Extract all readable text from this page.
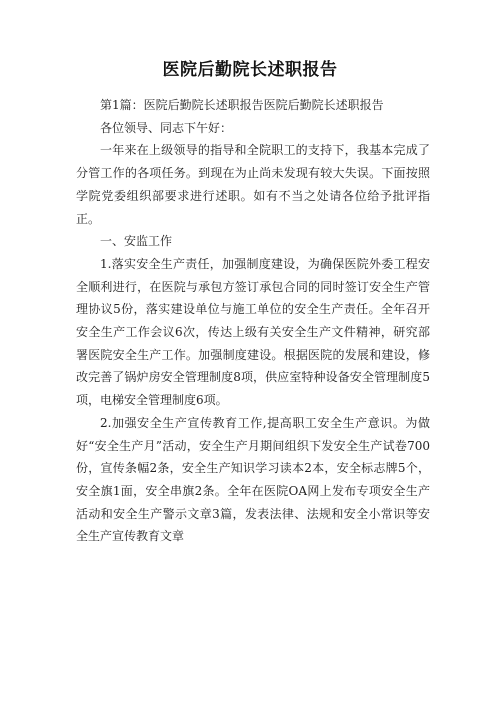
医院后勤院长述职报告

第1篇：医院后勤院长述职报告医院后勤院长述职报告

各位领导、同志下午好：

一年来在上级领导的指导和全院职工的支持下，我基本完成了分管工作的各项任务。到现在为止尚未发现有较大失误。下面按照学院党委组织部要求进行述职。如有不当之处请各位给予批评指正。

一、安监工作

1.落实安全生产责任，加强制度建设，为确保医院外委工程安全顺利进行，在医院与承包方签订承包合同的同时签订安全生产管理协议5份，落实建设单位与施工单位的安全生产责任。全年召开安全生产工作会议6次，传达上级有关安全生产文件精神，研究部署医院安全生产工作。加强制度建设。根据医院的发展和建设，修改完善了锅炉房安全管理制度8项，供应室特种设备安全管理制度5项，电梯安全管理制度6项。

2.加强安全生产宣传教育工作,提高职工安全生产意识。为做好“安全生产月”活动，安全生产月期间组织下发安全生产试卷700份，宣传条幅2条，安全生产知识学习读本2本，安全标志牌5个，安全旗1面，安全串旗2条。全年在医院OA网上发布专项安全生产活动和安全生产警示文章3篇，发表法律、法规和安全小常识等安全生产宣传教育文章
